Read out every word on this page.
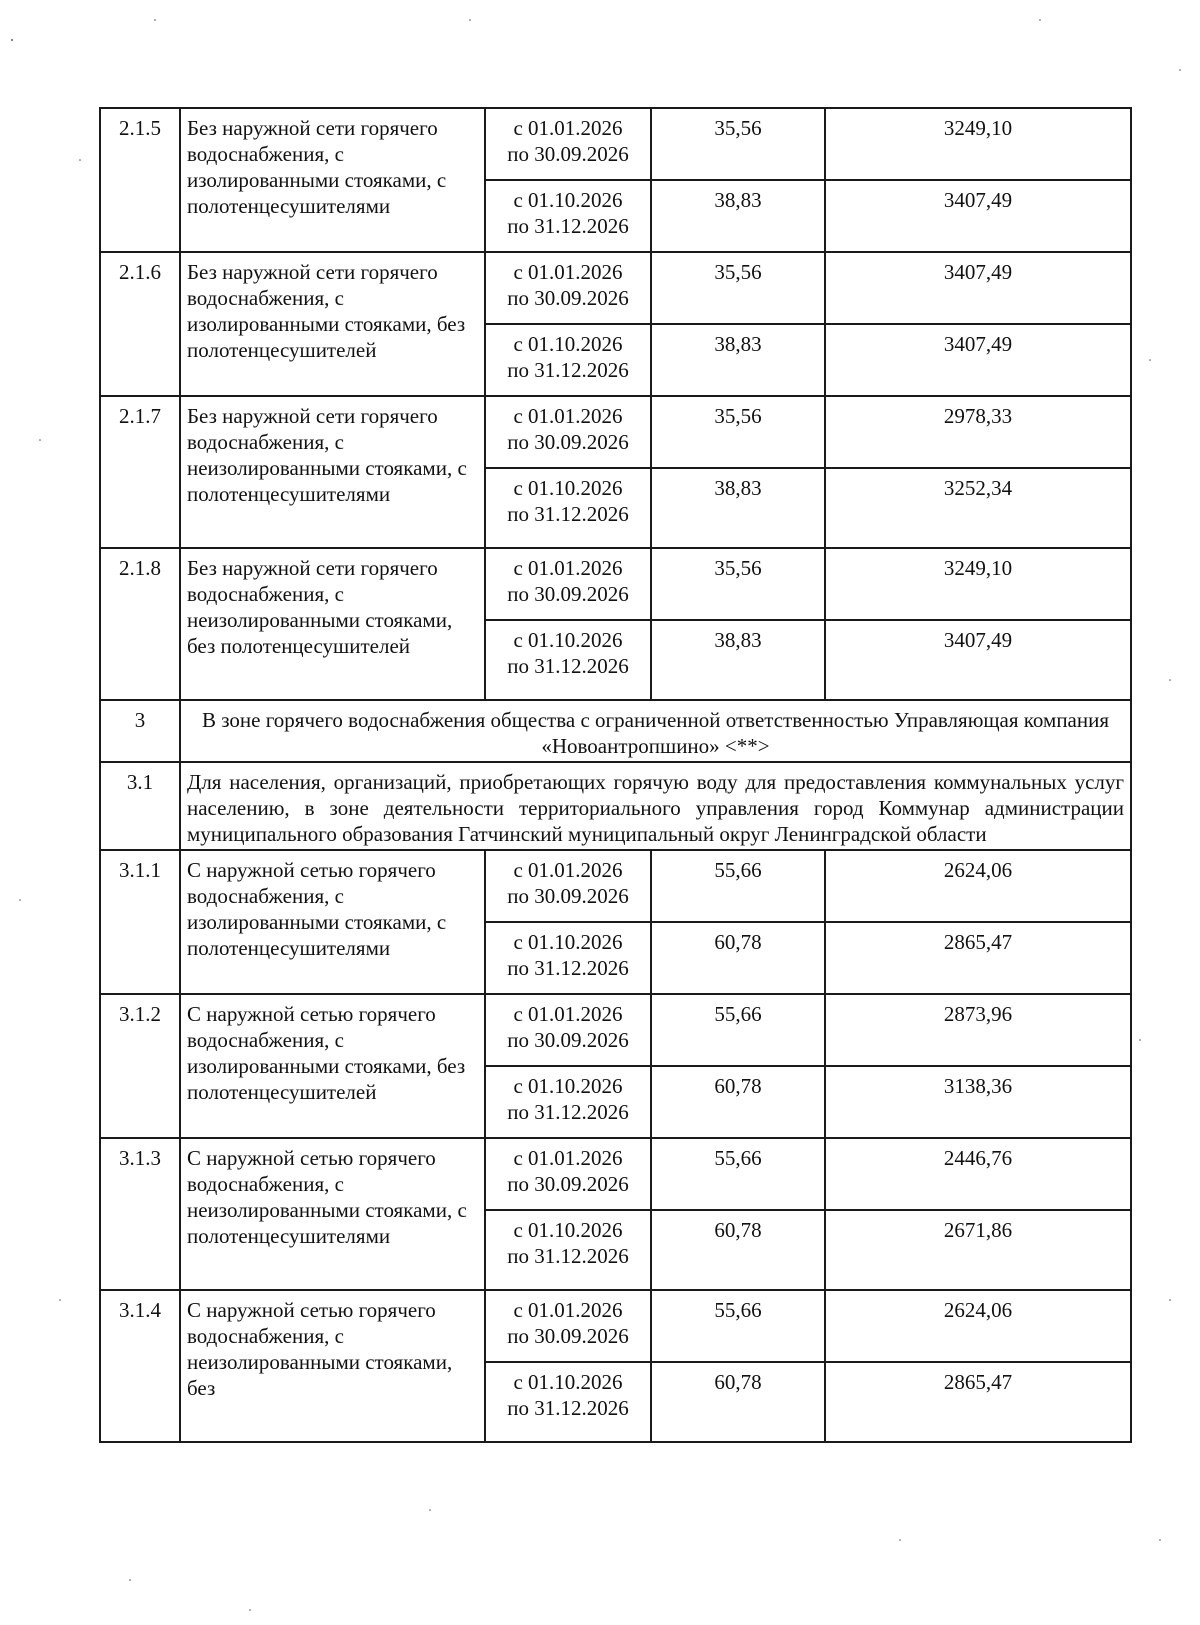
2.1.5	Без наружной сети горячего водоснабжения, с изолированными стояками, с полотенцесушителями	с 01.01.2026
по 30.09.2026	35,56	3249,10
		с 01.10.2026
по 31.12.2026	38,83	3407,49
2.1.6	Без наружной сети горячего водоснабжения, с изолированными стояками, без полотенцесушителей	с 01.01.2026
по 30.09.2026	35,56	3407,49
		с 01.10.2026
по 31.12.2026	38,83	3407,49
2.1.7	Без наружной сети горячего водоснабжения, с неизолированными стояками, с полотенцесушителями	с 01.01.2026
по 30.09.2026	35,56	2978,33
		с 01.10.2026
по 31.12.2026	38,83	3252,34
2.1.8	Без наружной сети горячего водоснабжения, с неизолированными стояками, без полотенцесушителей	с 01.01.2026
по 30.09.2026	35,56	3249,10
		с 01.10.2026
по 31.12.2026	38,83	3407,49
3	В зоне горячего водоснабжения общества с ограниченной ответственностью Управляющая компания «Новоантропшино» <**>			
3.1	Для населения, организаций, приобретающих горячую воду для предоставления коммунальных услуг населению, в зоне деятельности территориального управления город Коммунар администрации муниципального образования Гатчинский муниципальный округ Ленинградской области			
3.1.1	С наружной сетью горячего водоснабжения, с изолированными стояками, с полотенцесушителями	с 01.01.2026
по 30.09.2026	55,66	2624,06
		с 01.10.2026
по 31.12.2026	60,78	2865,47
3.1.2	С наружной сетью горячего водоснабжения, с изолированными стояками, без полотенцесушителей	с 01.01.2026
по 30.09.2026	55,66	2873,96
		с 01.10.2026
по 31.12.2026	60,78	3138,36
3.1.3	С наружной сетью горячего водоснабжения, с неизолированными стояками, с полотенцесушителями	с 01.01.2026
по 30.09.2026	55,66	2446,76
		с 01.10.2026
по 31.12.2026	60,78	2671,86
3.1.4	С наружной сетью горячего водоснабжения, с неизолированными стояками, без	с 01.01.2026
по 30.09.2026	55,66	2624,06
		с 01.10.2026
по 31.12.2026	60,78	2865,47
